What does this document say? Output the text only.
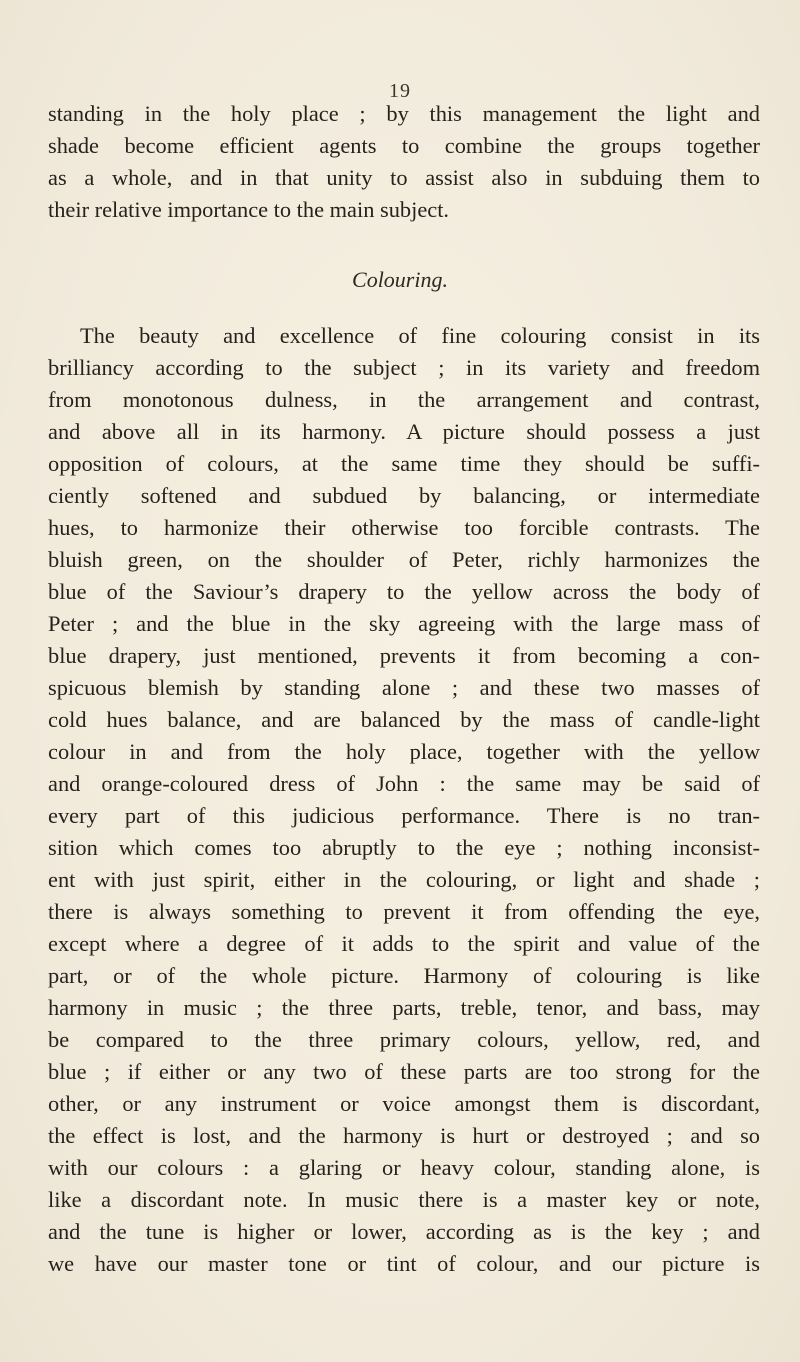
19
standing in the holy place ; by this management the light and
shade become efficient agents to combine the groups together
as a whole, and in that unity to assist also in subduing them to
their relative importance to the main subject.
Colouring.
The beauty and excellence of fine colouring consist in its
brilliancy according to the subject ; in its variety and freedom
from monotonous dulness, in the arrangement and contrast,
and above all in its harmony. A picture should possess a just
opposition of colours, at the same time they should be suffi-
ciently softened and subdued by balancing, or intermediate
hues, to harmonize their otherwise too forcible contrasts. The
bluish green, on the shoulder of Peter, richly harmonizes the
blue of the Saviour’s drapery to the yellow across the body of
Peter ; and the blue in the sky agreeing with the large mass of
blue drapery, just mentioned, prevents it from becoming a con-
spicuous blemish by standing alone ; and these two masses of
cold hues balance, and are balanced by the mass of candle-light
colour in and from the holy place, together with the yellow
and orange-coloured dress of John : the same may be said of
every part of this judicious performance. There is no tran-
sition which comes too abruptly to the eye ; nothing inconsist-
ent with just spirit, either in the colouring, or light and shade ;
there is always something to prevent it from offending the eye,
except where a degree of it adds to the spirit and value of the
part, or of the whole picture. Harmony of colouring is like
harmony in music ; the three parts, treble, tenor, and bass, may
be compared to the three primary colours, yellow, red, and
blue ; if either or any two of these parts are too strong for the
other, or any instrument or voice amongst them is discordant,
the effect is lost, and the harmony is hurt or destroyed ; and so
with our colours : a glaring or heavy colour, standing alone, is
like a discordant note. In music there is a master key or note,
and the tune is higher or lower, according as is the key ; and
we have our master tone or tint of colour, and our picture is
